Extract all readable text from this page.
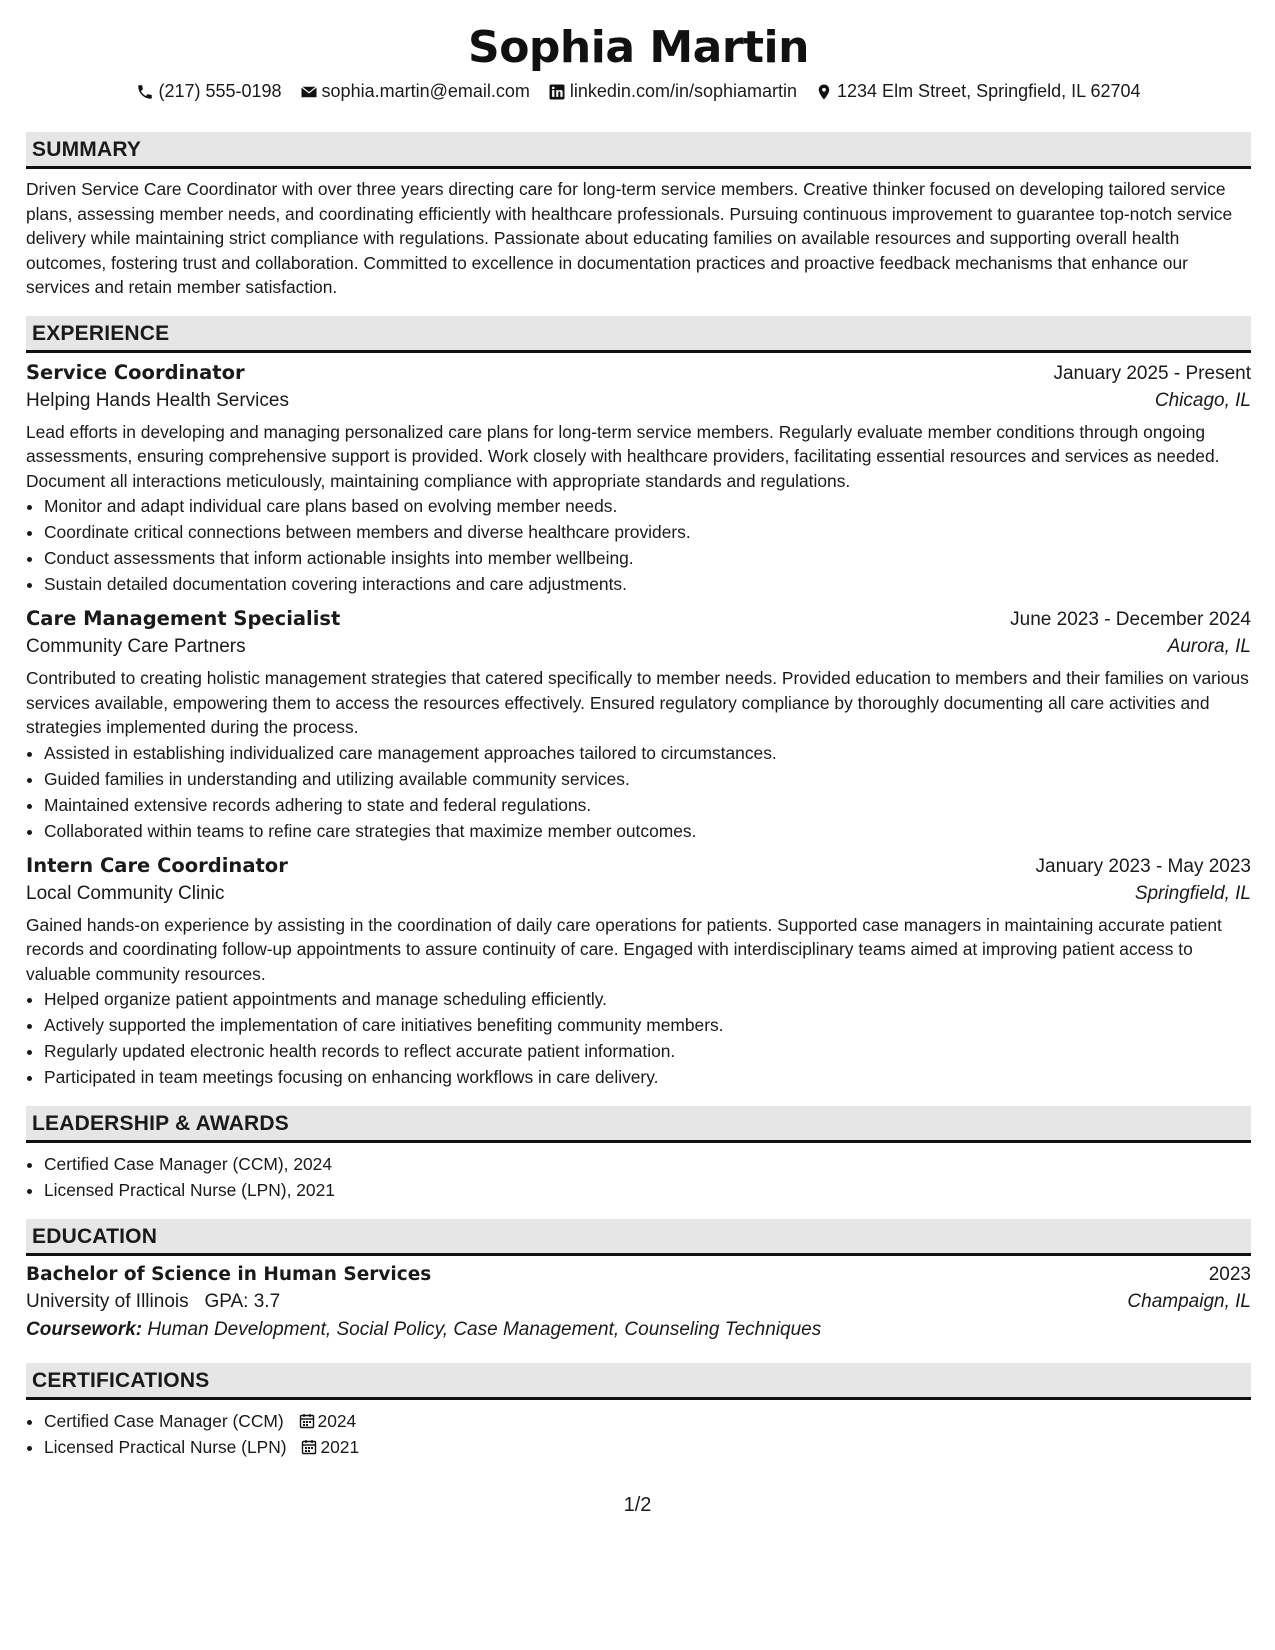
Sophia Martin
(217) 555-0198 sophia.martin@email.com linkedin.com/in/sophiamartin 1234 Elm Street, Springfield, IL 62704
SUMMARY
Driven Service Care Coordinator with over three years directing care for long-term service members. Creative thinker focused on developing tailored service plans, assessing member needs, and coordinating efficiently with healthcare professionals. Pursuing continuous improvement to guarantee top-notch service delivery while maintaining strict compliance with regulations. Passionate about educating families on available resources and supporting overall health outcomes, fostering trust and collaboration. Committed to excellence in documentation practices and proactive feedback mechanisms that enhance our services and retain member satisfaction.
EXPERIENCE
Service Coordinator	January 2025 - Present
Helping Hands Health Services	Chicago, IL
Lead efforts in developing and managing personalized care plans for long-term service members. Regularly evaluate member conditions through ongoing assessments, ensuring comprehensive support is provided. Work closely with healthcare providers, facilitating essential resources and services as needed. Document all interactions meticulously, maintaining compliance with appropriate standards and regulations.
• Monitor and adapt individual care plans based on evolving member needs.
• Coordinate critical connections between members and diverse healthcare providers.
• Conduct assessments that inform actionable insights into member wellbeing.
• Sustain detailed documentation covering interactions and care adjustments.
Care Management Specialist	June 2023 - December 2024
Community Care Partners	Aurora, IL
Contributed to creating holistic management strategies that catered specifically to member needs. Provided education to members and their families on various services available, empowering them to access the resources effectively. Ensured regulatory compliance by thoroughly documenting all care activities and strategies implemented during the process.
• Assisted in establishing individualized care management approaches tailored to circumstances.
• Guided families in understanding and utilizing available community services.
• Maintained extensive records adhering to state and federal regulations.
• Collaborated within teams to refine care strategies that maximize member outcomes.
Intern Care Coordinator	January 2023 - May 2023
Local Community Clinic	Springfield, IL
Gained hands-on experience by assisting in the coordination of daily care operations for patients. Supported case managers in maintaining accurate patient records and coordinating follow-up appointments to assure continuity of care. Engaged with interdisciplinary teams aimed at improving patient access to valuable community resources.
• Helped organize patient appointments and manage scheduling efficiently.
• Actively supported the implementation of care initiatives benefiting community members.
• Regularly updated electronic health records to reflect accurate patient information.
• Participated in team meetings focusing on enhancing workflows in care delivery.
LEADERSHIP & AWARDS
• Certified Case Manager (CCM), 2024
• Licensed Practical Nurse (LPN), 2021
EDUCATION
Bachelor of Science in Human Services	2023
University of Illinois GPA: 3.7	Champaign, IL
Coursework: Human Development, Social Policy, Case Management, Counseling Techniques
CERTIFICATIONS
• Certified Case Manager (CCM) 2024
• Licensed Practical Nurse (LPN) 2021
1/2
